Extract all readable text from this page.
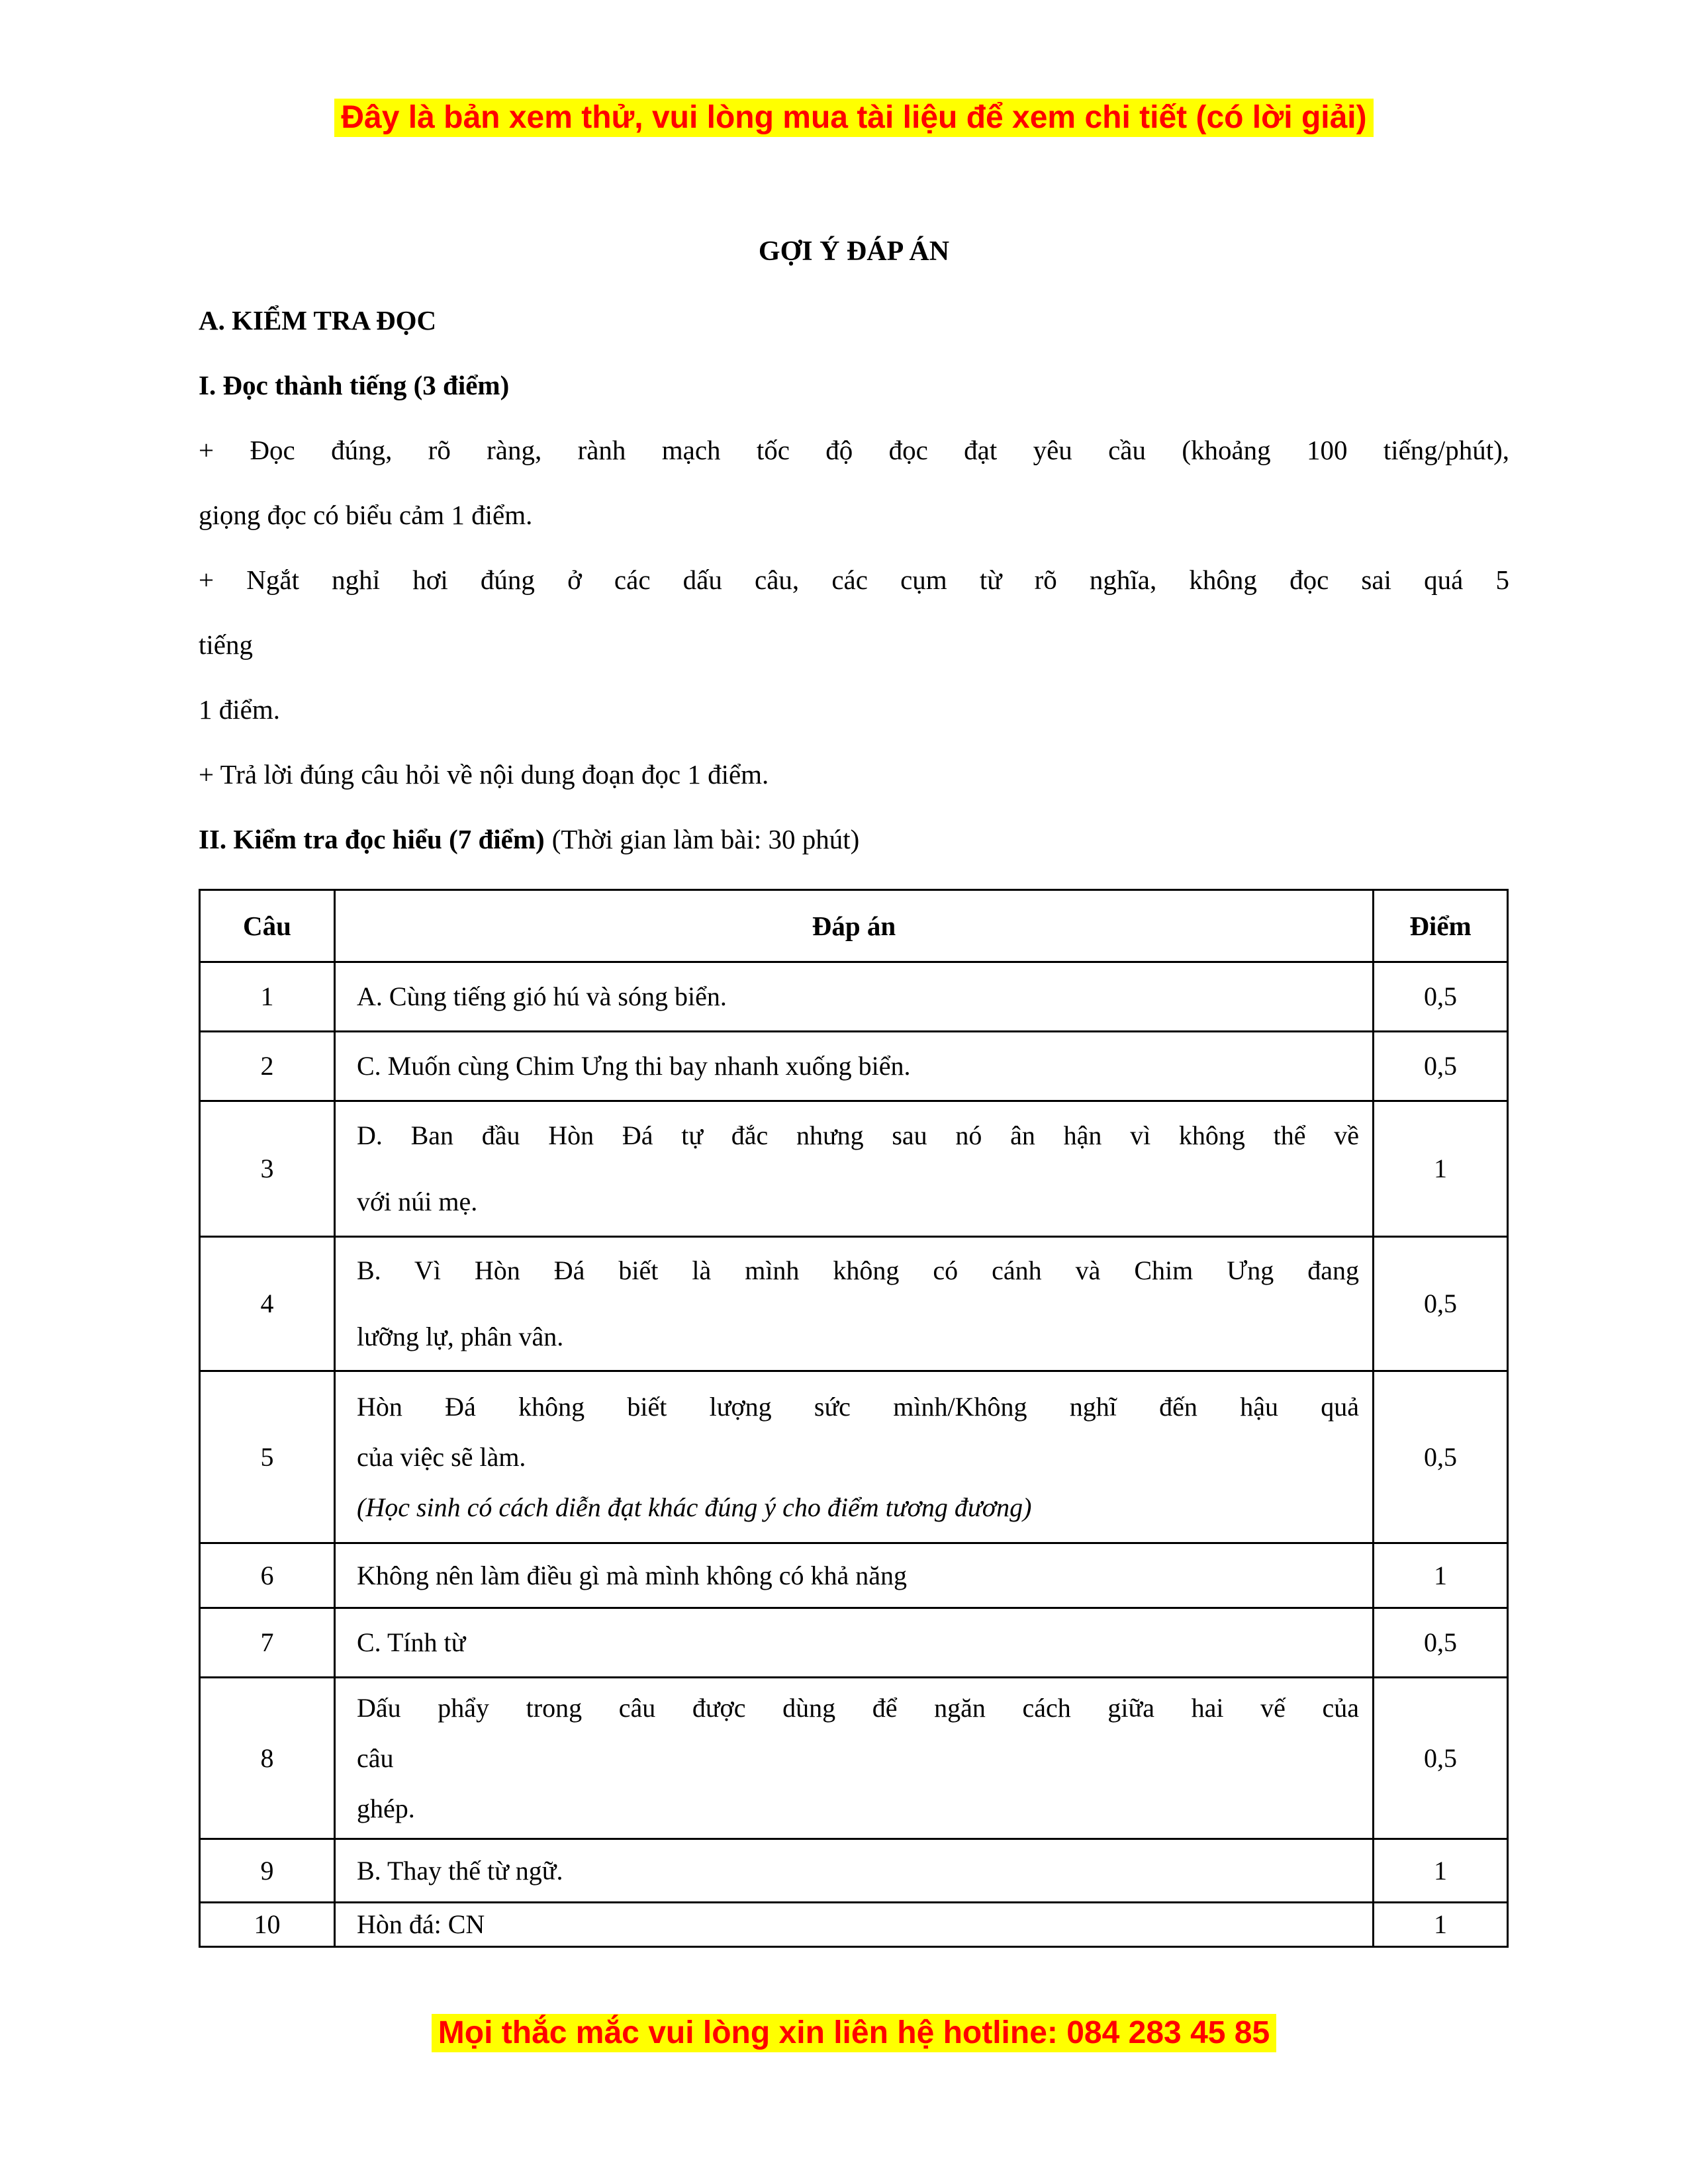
Đây là bản xem thử, vui lòng mua tài liệu để xem chi tiết (có lời giải)
GỢI Ý ĐÁP ÁN
A. KIỂM TRA ĐỌC
I. Đọc thành tiếng (3 điểm)
+ Đọc đúng, rõ ràng, rành mạch tốc độ đọc đạt yêu cầu (khoảng 100 tiếng/phút),
giọng đọc có biểu cảm 1 điểm.
+ Ngắt nghỉ hơi đúng ở các dấu câu, các cụm từ rõ nghĩa, không đọc sai quá 5
tiếng
1 điểm.
+ Trả lời đúng câu hỏi về nội dung đoạn đọc 1 điểm.
II. Kiểm tra đọc hiểu (7 điểm) (Thời gian làm bài: 30 phút)
Câu	Đáp án	Điểm
1	A. Cùng tiếng gió hú và sóng biển.	0,5
2	C. Muốn cùng Chim Ưng thi bay nhanh xuống biển.	0,5
3	D. Ban đầu Hòn Đá tự đắc nhưng sau nó ân hận vì không thể về
với núi mẹ.	1
4	B. Vì Hòn Đá biết là mình không có cánh và Chim Ưng đang
lưỡng lự, phân vân.	0,5
5	Hòn Đá không biết lượng sức mình/Không nghĩ đến hậu quả
của việc sẽ làm.
(Học sinh có cách diễn đạt khác đúng ý cho điểm tương đương)	0,5
6	Không nên làm điều gì mà mình không có khả năng	1
7	C. Tính từ	0,5
8	Dấu phẩy trong câu được dùng để ngăn cách giữa hai vế của
câu
ghép.	0,5
9	B. Thay thế từ ngữ.	1
10	Hòn đá: CN	1
Mọi thắc mắc vui lòng xin liên hệ hotline: 084 283 45 85
